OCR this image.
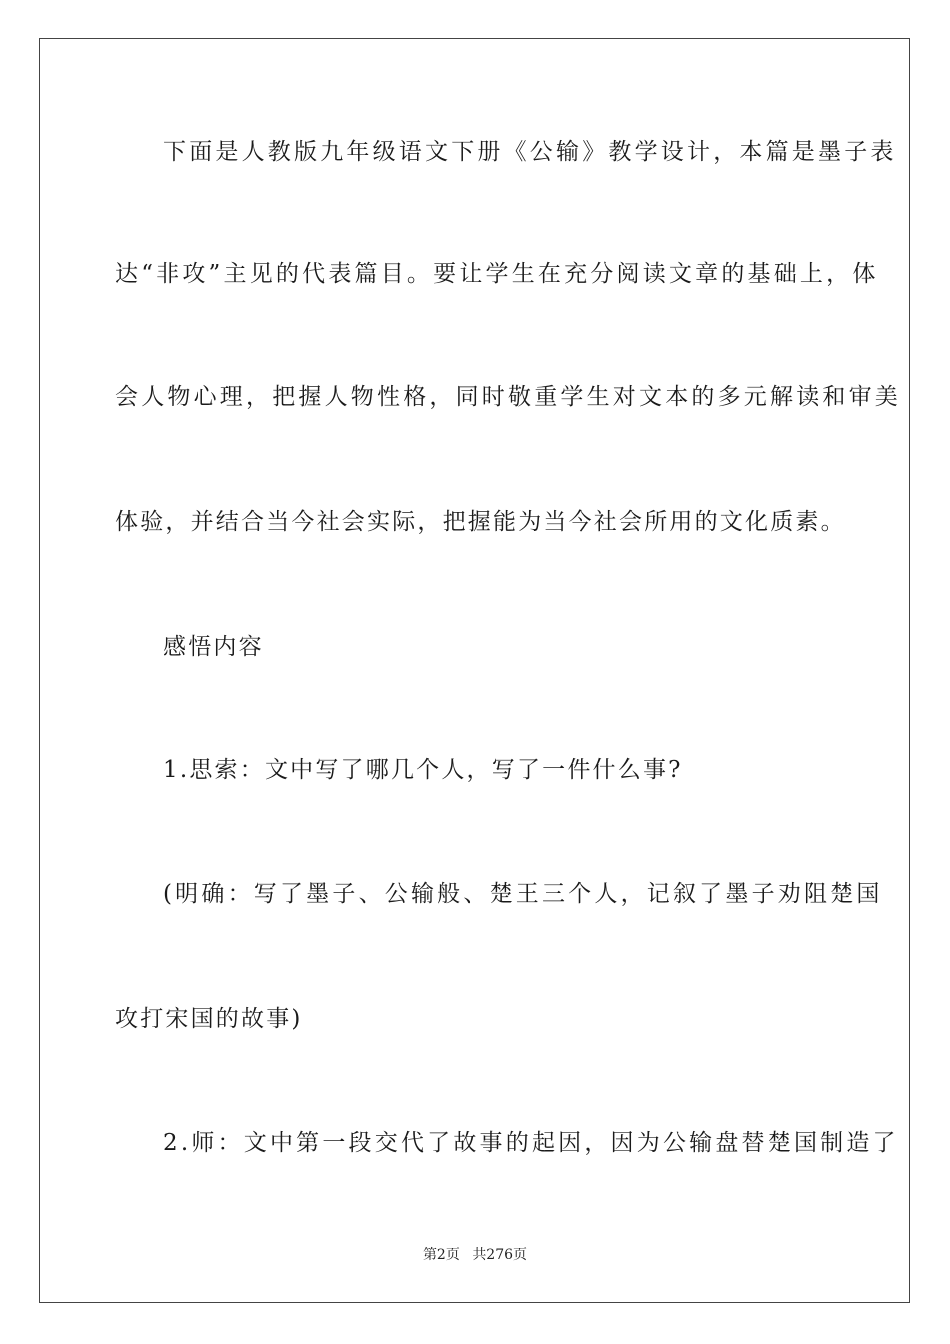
下面是人教版九年级语文下册《公输》教学设计，本篇是墨子表
达“非攻”主见的代表篇目。要让学生在充分阅读文章的基础上，体
会人物心理，把握人物性格，同时敬重学生对文本的多元解读和审美
体验，并结合当今社会实际，把握能为当今社会所用的文化质素。
感悟内容
1.思索：文中写了哪几个人，写了一件什么事?
(明确：写了墨子、公输般、楚王三个人，记叙了墨子劝阻楚国
攻打宋国的故事)
2.师：文中第一段交代了故事的起因，因为公输盘替楚国制造了
第2页 共276页
